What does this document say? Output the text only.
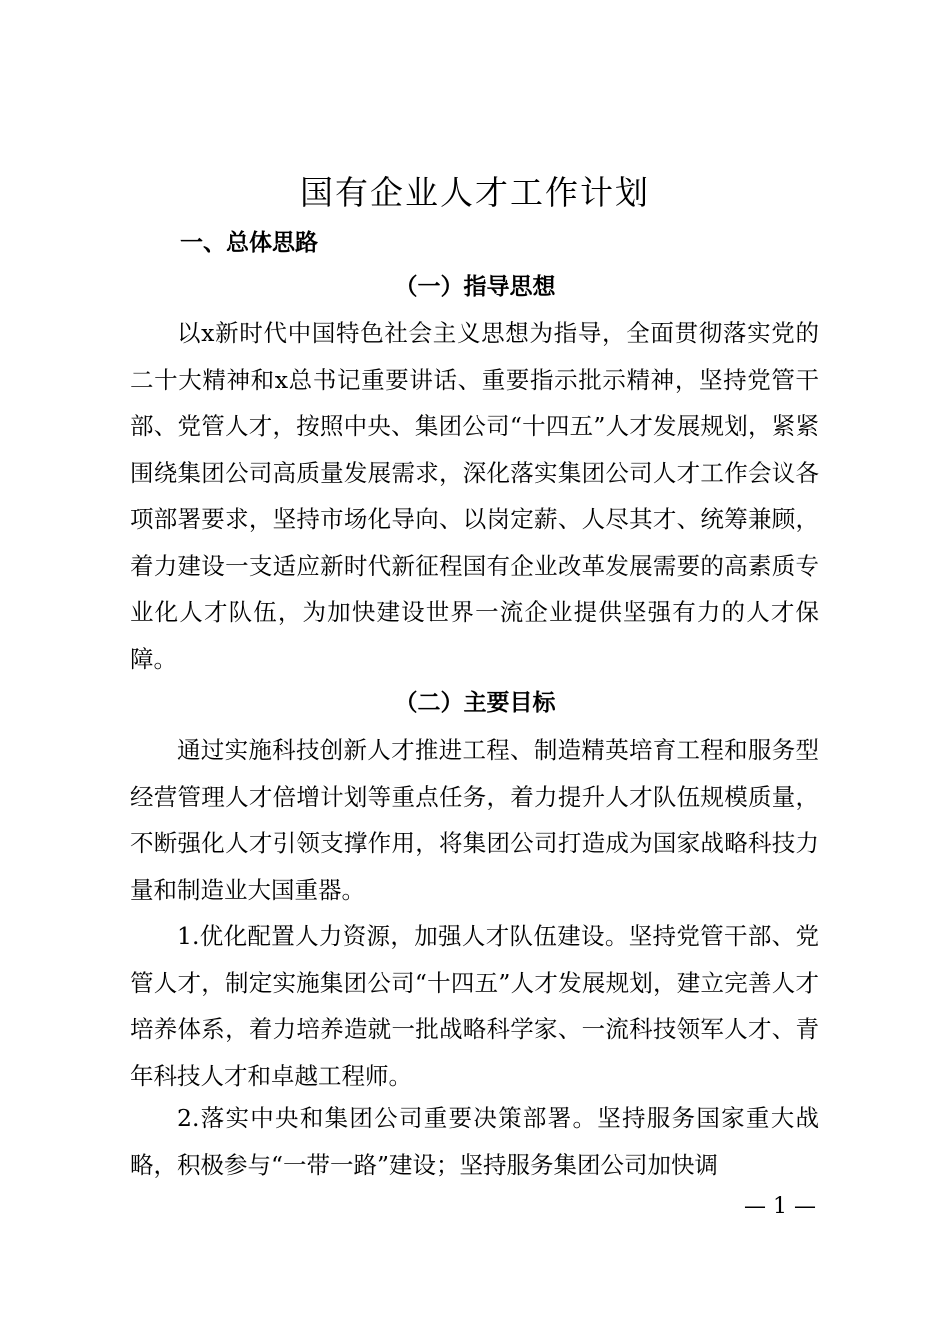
国有企业人才工作计划
一、总体思路
（一）指导思想

以x新时代中国特色社会主义思想为指导，全面贯彻落实党的二十大精神和x总书记重要讲话、重要指示批示精神，坚持党管干部、党管人才，按照中央、集团公司“十四五”人才发展规划，紧紧围绕集团公司高质量发展需求，深化落实集团公司人才工作会议各项部署要求，坚持市场化导向、以岗定薪、人尽其才、统筹兼顾，着力建设一支适应新时代新征程国有企业改革发展需要的高素质专业化人才队伍，为加快建设世界一流企业提供坚强有力的人才保障。

（二）主要目标

通过实施科技创新人才推进工程、制造精英培育工程和服务型经营管理人才倍增计划等重点任务，着力提升人才队伍规模质量，不断强化人才引领支撑作用，将集团公司打造成为国家战略科技力量和制造业大国重器。

1.优化配置人力资源，加强人才队伍建设。坚持党管干部、党管人才，制定实施集团公司“十四五”人才发展规划，建立完善人才培养体系，着力培养造就一批战略科学家、一流科技领军人才、青年科技人才和卓越工程师。

2.落实中央和集团公司重要决策部署。坚持服务国家重大战略，积极参与“一带一路”建设；坚持服务集团公司加快调

— 1 —
